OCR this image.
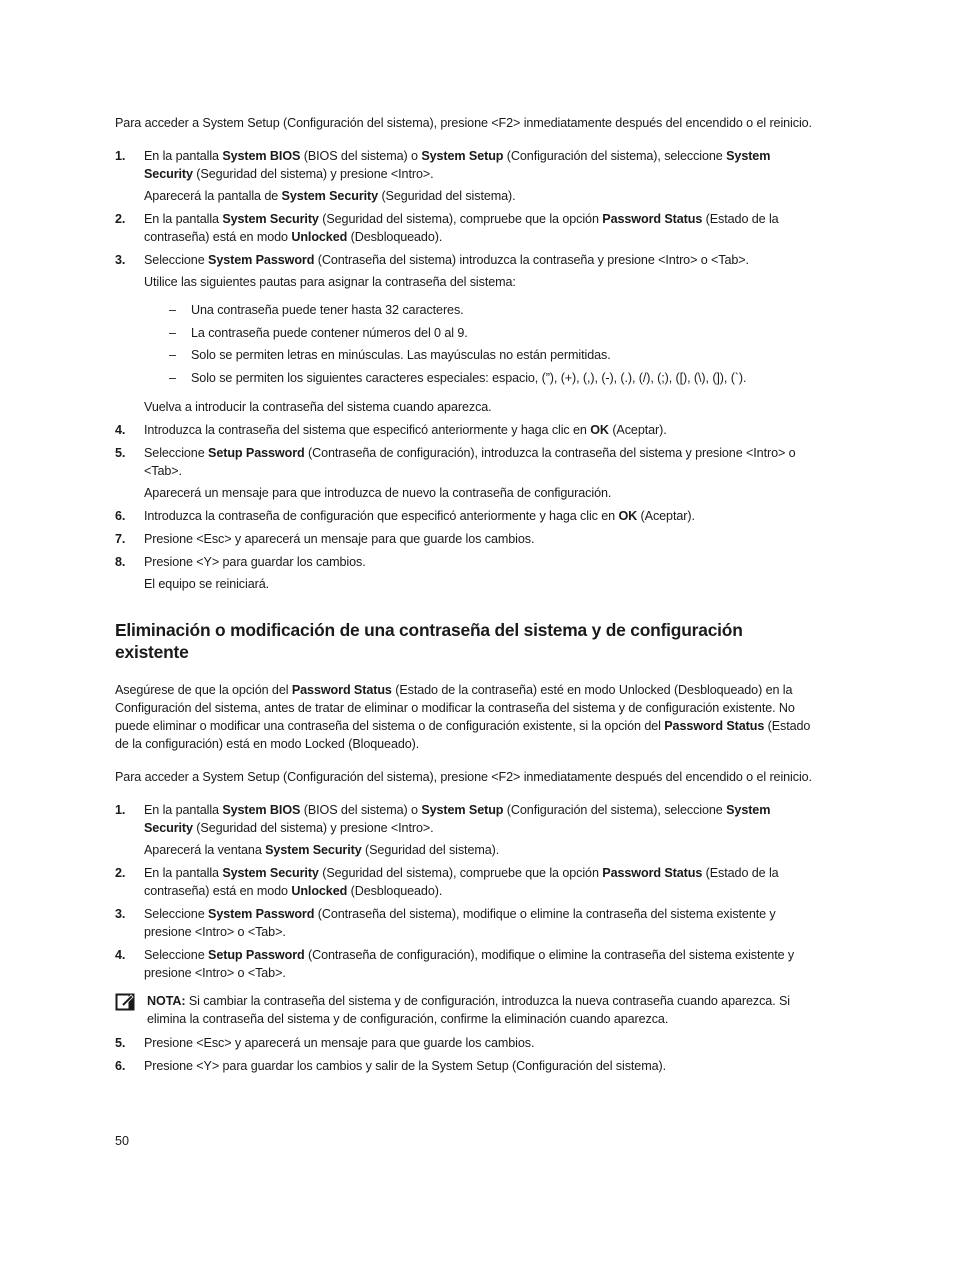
Para acceder a System Setup (Configuración del sistema), presione <F2> inmediatamente después del encendido o el reinicio.

1. En la pantalla System BIOS (BIOS del sistema) o System Setup (Configuración del sistema), seleccione System Security (Seguridad del sistema) y presione <Intro>.

Aparecerá la pantalla de System Security (Seguridad del sistema).

2. En la pantalla System Security (Seguridad del sistema), compruebe que la opción Password Status (Estado de la contraseña) está en modo Unlocked (Desbloqueado).

3. Seleccione System Password (Contraseña del sistema) introduzca la contraseña y presione <Intro> o <Tab>.

Utilice las siguientes pautas para asignar la contraseña del sistema:

– Una contraseña puede tener hasta 32 caracteres.
– La contraseña puede contener números del 0 al 9.
– Solo se permiten letras en minúsculas. Las mayúsculas no están permitidas.
– Solo se permiten los siguientes caracteres especiales: espacio, (”), (+), (,), (-), (.), (/), (;), ([), (\), (]), (`).

Vuelva a introducir la contraseña del sistema cuando aparezca.

4. Introduzca la contraseña del sistema que especificó anteriormente y haga clic en OK (Aceptar).

5. Seleccione Setup Password (Contraseña de configuración), introduzca la contraseña del sistema y presione <Intro> o <Tab>.

Aparecerá un mensaje para que introduzca de nuevo la contraseña de configuración.

6. Introduzca la contraseña de configuración que especificó anteriormente y haga clic en OK (Aceptar).

7. Presione <Esc> y aparecerá un mensaje para que guarde los cambios.

8. Presione <Y> para guardar los cambios.

El equipo se reiniciará.

Eliminación o modificación de una contraseña del sistema y de configuración existente

Asegúrese de que la opción del Password Status (Estado de la contraseña) esté en modo Unlocked (Desbloqueado) en la Configuración del sistema, antes de tratar de eliminar o modificar la contraseña del sistema y de configuración existente. No puede eliminar o modificar una contraseña del sistema o de configuración existente, si la opción del Password Status (Estado de la configuración) está en modo Locked (Bloqueado).

Para acceder a System Setup (Configuración del sistema), presione <F2> inmediatamente después del encendido o el reinicio.

1. En la pantalla System BIOS (BIOS del sistema) o System Setup (Configuración del sistema), seleccione System Security (Seguridad del sistema) y presione <Intro>.

Aparecerá la ventana System Security (Seguridad del sistema).

2. En la pantalla System Security (Seguridad del sistema), compruebe que la opción Password Status (Estado de la contraseña) está en modo Unlocked (Desbloqueado).

3. Seleccione System Password (Contraseña del sistema), modifique o elimine la contraseña del sistema existente y presione <Intro> o <Tab>.

4. Seleccione Setup Password (Contraseña de configuración), modifique o elimine la contraseña del sistema existente y presione <Intro> o <Tab>.

NOTA: Si cambiar la contraseña del sistema y de configuración, introduzca la nueva contraseña cuando aparezca. Si elimina la contraseña del sistema y de configuración, confirme la eliminación cuando aparezca.

5. Presione <Esc> y aparecerá un mensaje para que guarde los cambios.

6. Presione <Y> para guardar los cambios y salir de la System Setup (Configuración del sistema).

50
